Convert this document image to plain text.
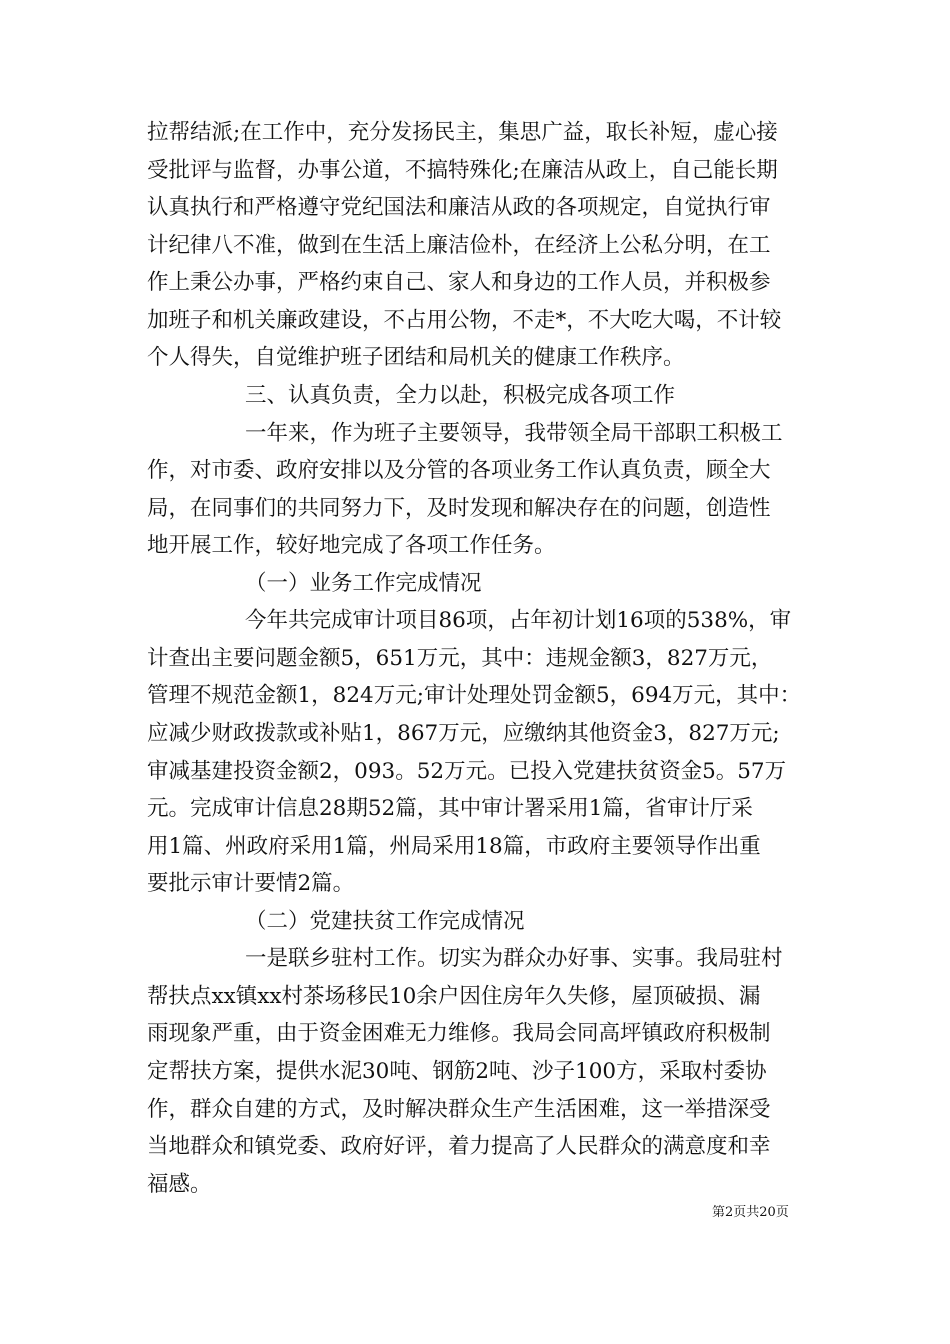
拉帮结派;在工作中，充分发扬民主，集思广益，取长补短，虚心接

受批评与监督，办事公道，不搞特殊化;在廉洁从政上，自己能长期

认真执行和严格遵守党纪国法和廉洁从政的各项规定，自觉执行审

计纪律八不准，做到在生活上廉洁俭朴，在经济上公私分明，在工

作上秉公办事，严格约束自己、家人和身边的工作人员，并积极参

加班子和机关廉政建设，不占用公物，不走*，不大吃大喝，不计较

个人得失，自觉维护班子团结和局机关的健康工作秩序。

三、认真负责，全力以赴，积极完成各项工作

一年来，作为班子主要领导，我带领全局干部职工积极工

作，对市委、政府安排以及分管的各项业务工作认真负责，顾全大

局，在同事们的共同努力下，及时发现和解决存在的问题，创造性

地开展工作，较好地完成了各项工作任务。

（一）业务工作完成情况

今年共完成审计项目86项，占年初计划16项的538%，审

计查出主要问题金额5，651万元，其中：违规金额3，827万元，

管理不规范金额1，824万元;审计处理处罚金额5，694万元，其中：

应减少财政拨款或补贴1，867万元，应缴纳其他资金3，827万元;

审减基建投资金额2，093。52万元。已投入党建扶贫资金5。57万

元。完成审计信息28期52篇，其中审计署采用1篇，省审计厅采

用1篇、州政府采用1篇，州局采用18篇，市政府主要领导作出重

要批示审计要情2篇。

（二）党建扶贫工作完成情况

一是联乡驻村工作。切实为群众办好事、实事。我局驻村

帮扶点xx镇xx村茶场移民10余户因住房年久失修，屋顶破损、漏

雨现象严重，由于资金困难无力维修。我局会同高坪镇政府积极制

定帮扶方案，提供水泥30吨、钢筋2吨、沙子100方，采取村委协

作，群众自建的方式，及时解决群众生产生活困难，这一举措深受

当地群众和镇党委、政府好评，着力提高了人民群众的满意度和幸

福感。

第2页共20页
